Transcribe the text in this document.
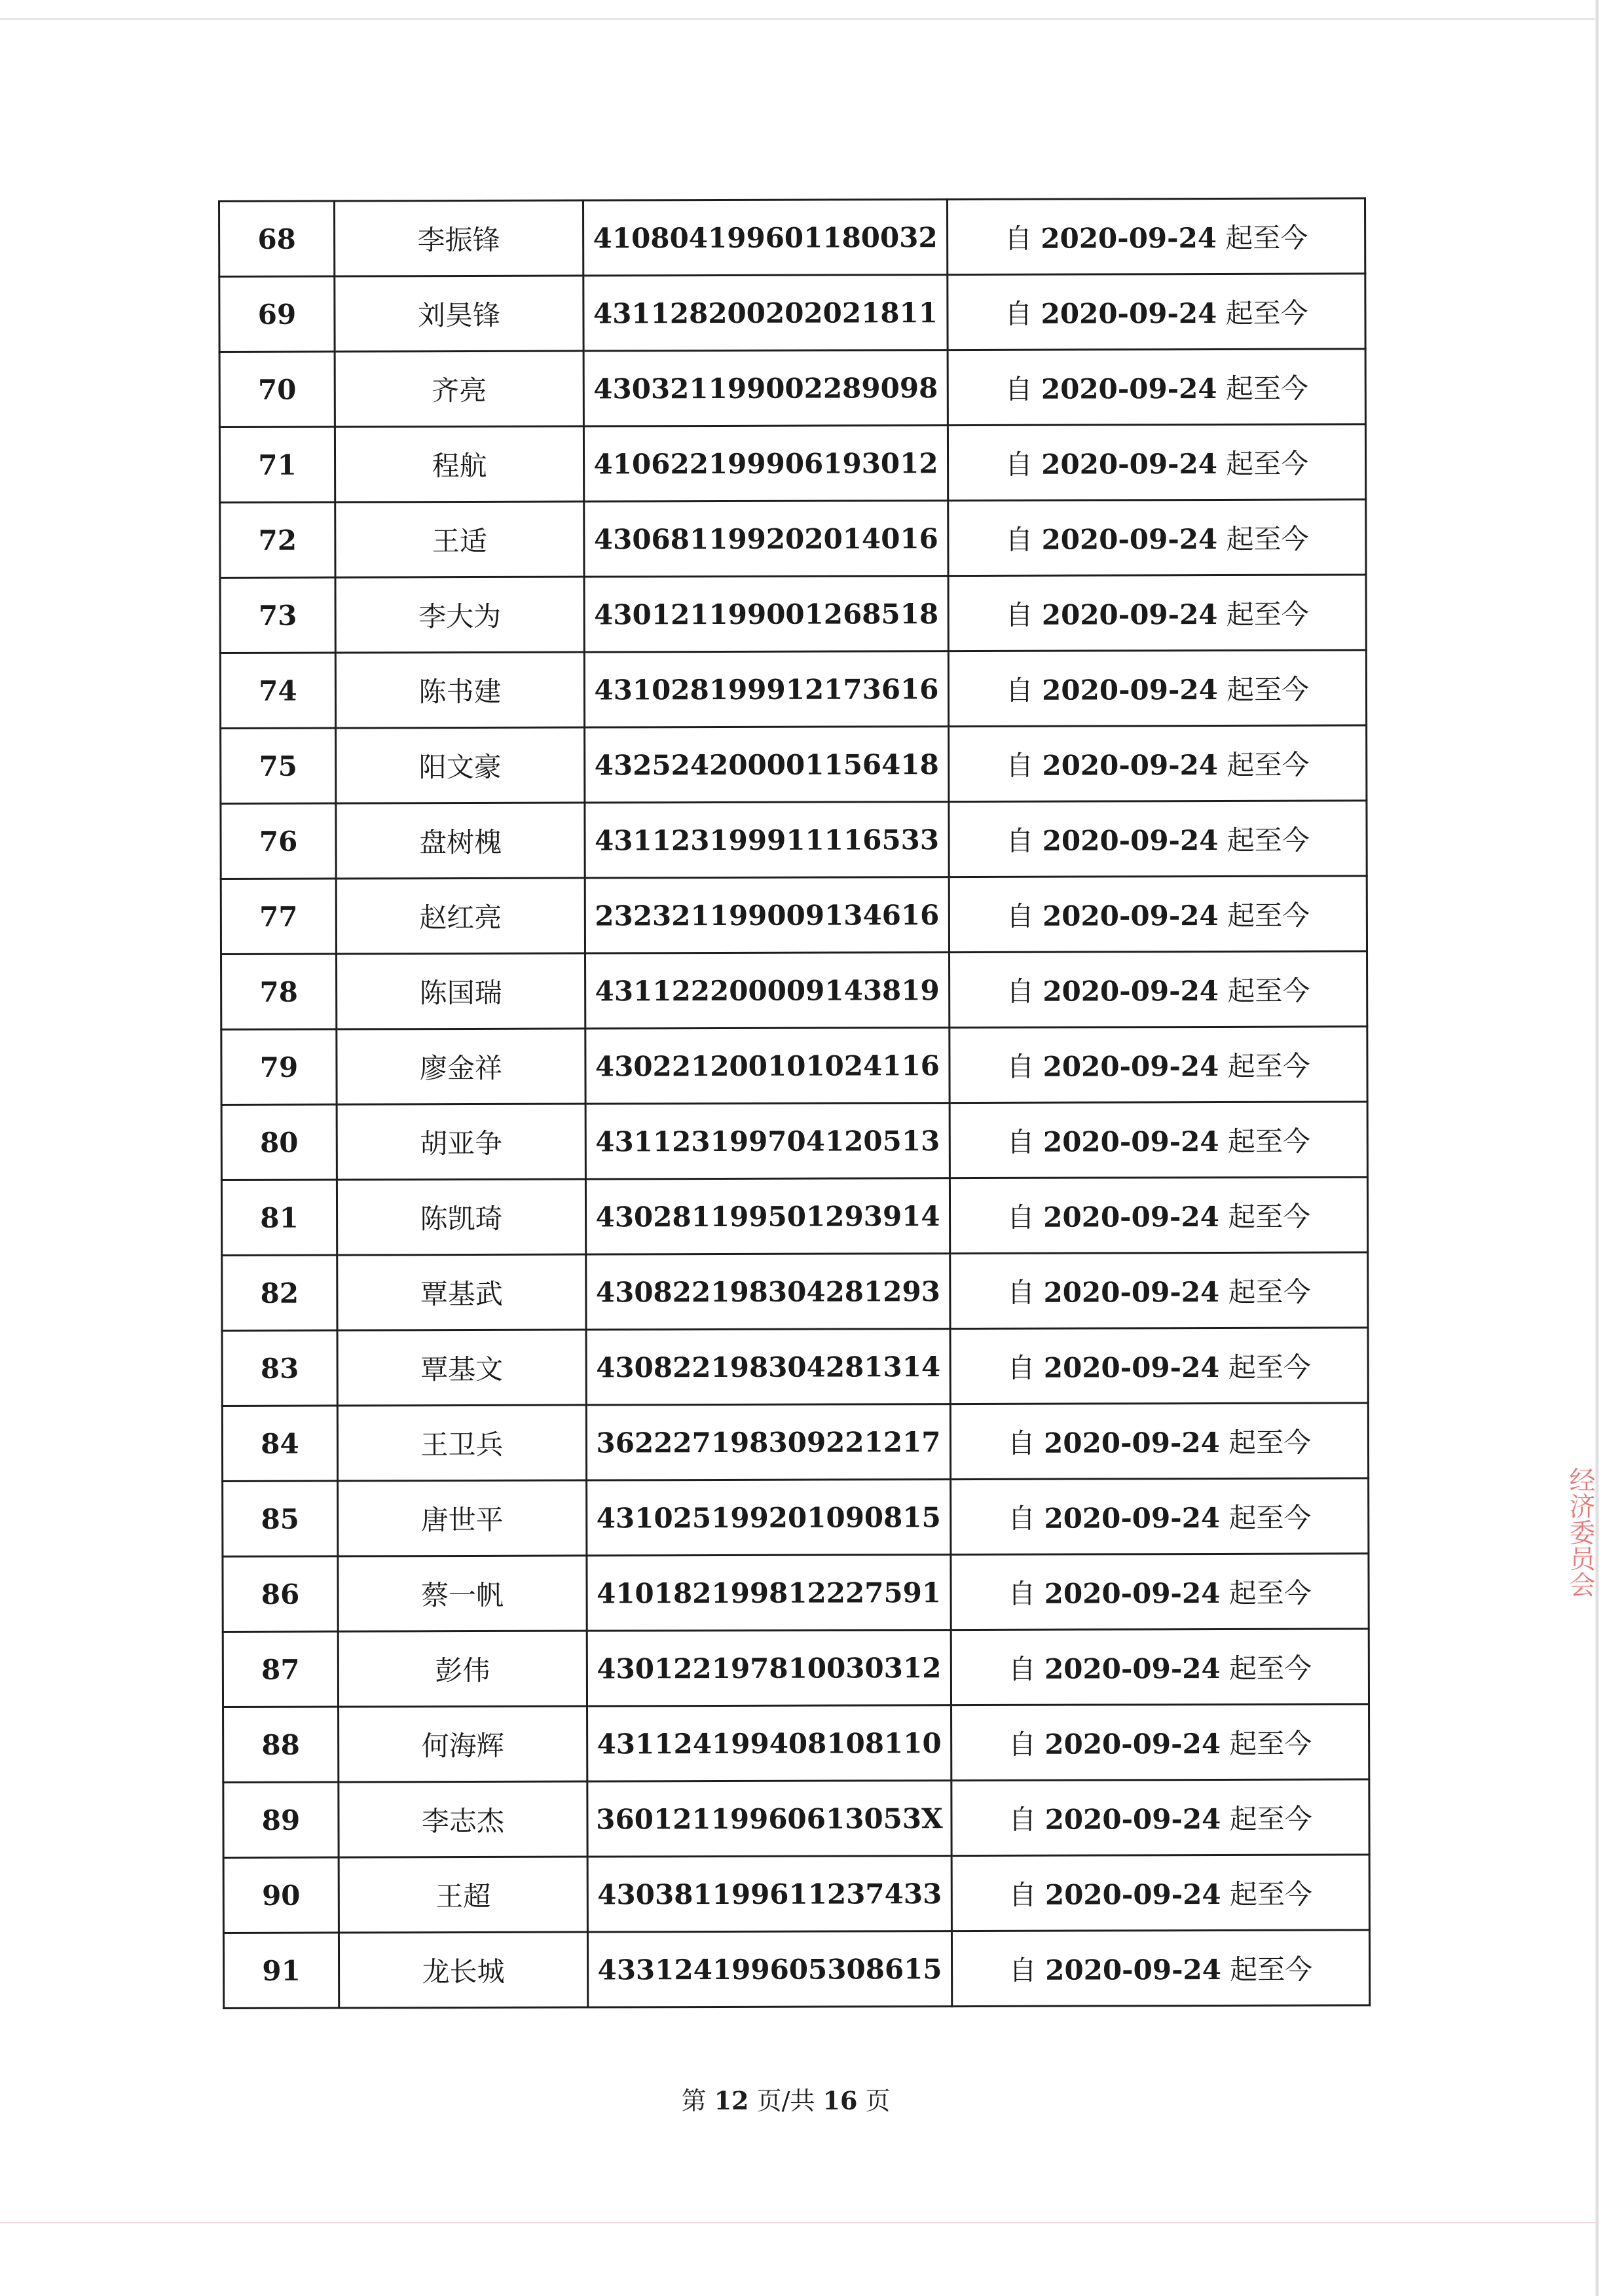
经济委员会
68	李振锋	410804199601180032	自 2020-09-24 起至今
69	刘昊锋	431128200202021811	自 2020-09-24 起至今
70	齐亮	430321199002289098	自 2020-09-24 起至今
71	程航	410622199906193012	自 2020-09-24 起至今
72	王适	430681199202014016	自 2020-09-24 起至今
73	李大为	430121199001268518	自 2020-09-24 起至今
74	陈书建	431028199912173616	自 2020-09-24 起至今
75	阳文豪	432524200001156418	自 2020-09-24 起至今
76	盘树槐	431123199911116533	自 2020-09-24 起至今
77	赵红亮	232321199009134616	自 2020-09-24 起至今
78	陈国瑞	431122200009143819	自 2020-09-24 起至今
79	廖金祥	430221200101024116	自 2020-09-24 起至今
80	胡亚争	431123199704120513	自 2020-09-24 起至今
81	陈凯琦	430281199501293914	自 2020-09-24 起至今
82	覃基武	430822198304281293	自 2020-09-24 起至今
83	覃基文	430822198304281314	自 2020-09-24 起至今
84	王卫兵	362227198309221217	自 2020-09-24 起至今
85	唐世平	431025199201090815	自 2020-09-24 起至今
86	蔡一帆	410182199812227591	自 2020-09-24 起至今
87	彭伟	430122197810030312	自 2020-09-24 起至今
88	何海辉	431124199408108110	自 2020-09-24 起至今
89	李志杰	36012119960613053X	自 2020-09-24 起至今
90	王超	430381199611237433	自 2020-09-24 起至今
91	龙长城	433124199605308615	自 2020-09-24 起至今
第 12 页/共 16 页
